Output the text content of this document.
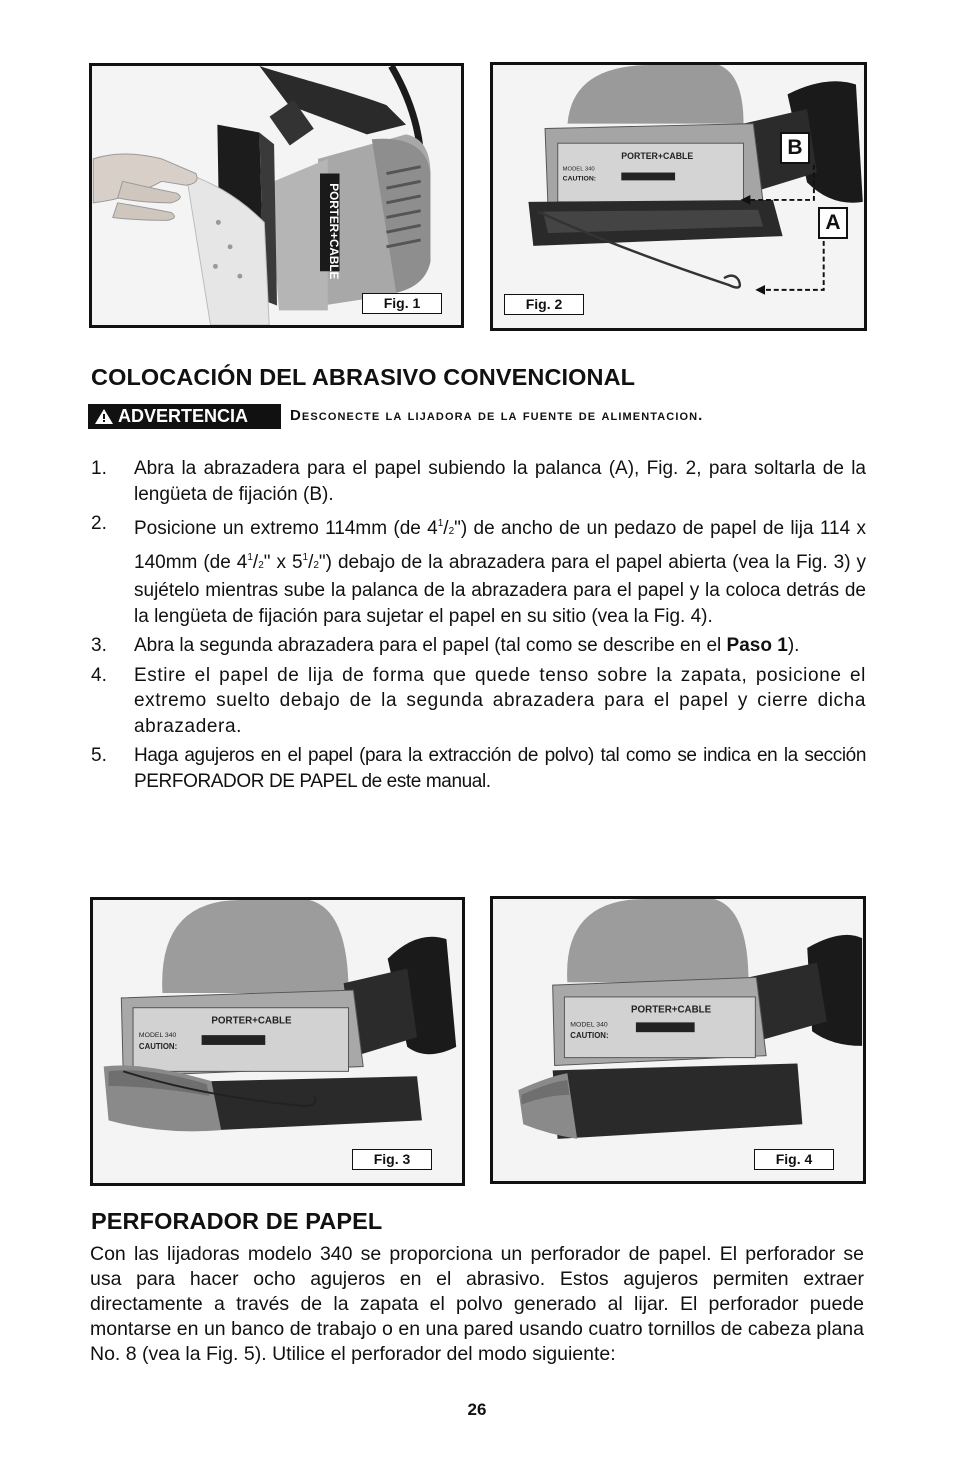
PORTER+CABLE
Fig. 1
PORTER+CABLE
MODEL 340
CAUTION:
B
A
Fig. 2
COLOCACIÓN DEL ABRASIVO CONVENCIONAL
ADVERTENCIA	Desconecte la lijadora de la fuente de alimentacion.
1. Abra la abrazadera para el papel subiendo la palanca (A), Fig. 2, para soltarla de la lengüeta de fijación (B).
2. Posicione un extremo 114mm (de $4^1/2$") de ancho de un pedazo de papel de lija 114 x 140mm (de $4^1/2$" x $5^1/2$") debajo de la abrazadera para el papel abierta (vea la Fig. 3) y sujételo mientras sube la palanca de la abrazadera para el papel y la coloca detrás de la lengüeta de fijación para sujetar el papel en su sitio (vea la Fig. 4).
3. Abra la segunda abrazadera para el papel (tal como se describe en el Paso 1).
4. Estire el papel de lija de forma que quede tenso sobre la zapata, posicione el extremo suelto debajo de la segunda abrazadera para el papel y cierre dicha abrazadera.
5. Haga agujeros en el papel (para la extracción de polvo) tal como se indica en la sección PERFORADOR DE PAPEL de este manual.
PORTER+CABLE
MODEL 340
CAUTION:
Fig. 3
PORTER+CABLE
MODEL 340
CAUTION:
Fig. 4
PERFORADOR DE PAPEL

Con las lijadoras modelo 340 se proporciona un perforador de papel. El perforador se usa para hacer ocho agujeros en el abrasivo. Estos agujeros permiten extraer directamente a través de la zapata el polvo generado al lijar. El perforador puede montarse en un banco de trabajo o en una pared usando cuatro tornillos de cabeza plana No. 8 (vea la Fig. 5). Utilice el perforador del modo siguiente:

26
